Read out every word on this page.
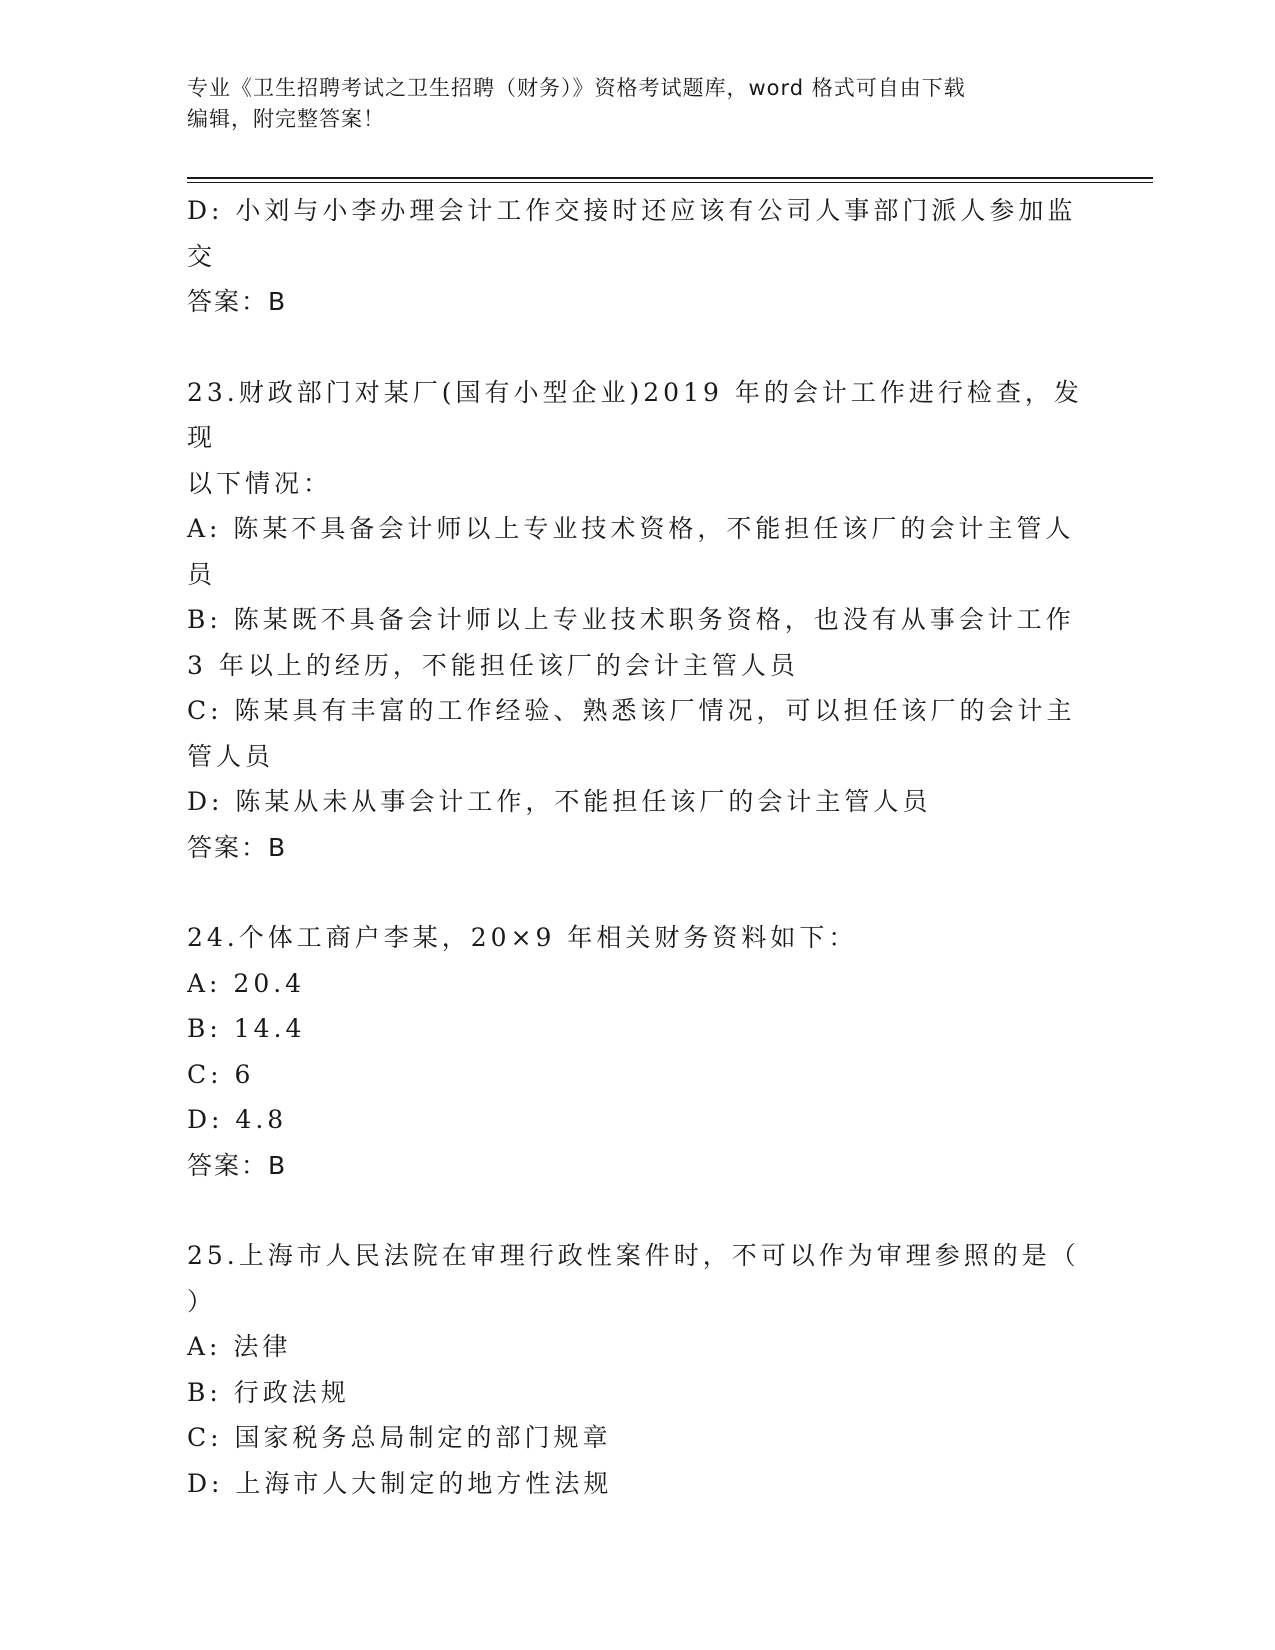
专业《卫生招聘考试之卫生招聘（财务）》资格考试题库，word 格式可自由下载
编辑，附完整答案！
D: 小刘与小李办理会计工作交接时还应该有公司人事部门派人参加监
交
答案：B
23.财政部门对某厂(国有小型企业)2019 年的会计工作进行检查，发现
以下情况：
A: 陈某不具备会计师以上专业技术资格，不能担任该厂的会计主管人
员
B: 陈某既不具备会计师以上专业技术职务资格，也没有从事会计工作
3 年以上的经历，不能担任该厂的会计主管人员
C: 陈某具有丰富的工作经验、熟悉该厂情况，可以担任该厂的会计主
管人员
D: 陈某从未从事会计工作，不能担任该厂的会计主管人员
答案：B
24.个体工商户李某，20×9 年相关财务资料如下：
A: 20.4
B: 14.4
C: 6
D: 4.8
答案：B
25.上海市人民法院在审理行政性案件时，不可以作为审理参照的是（
）
A: 法律
B: 行政法规
C: 国家税务总局制定的部门规章
D: 上海市人大制定的地方性法规
